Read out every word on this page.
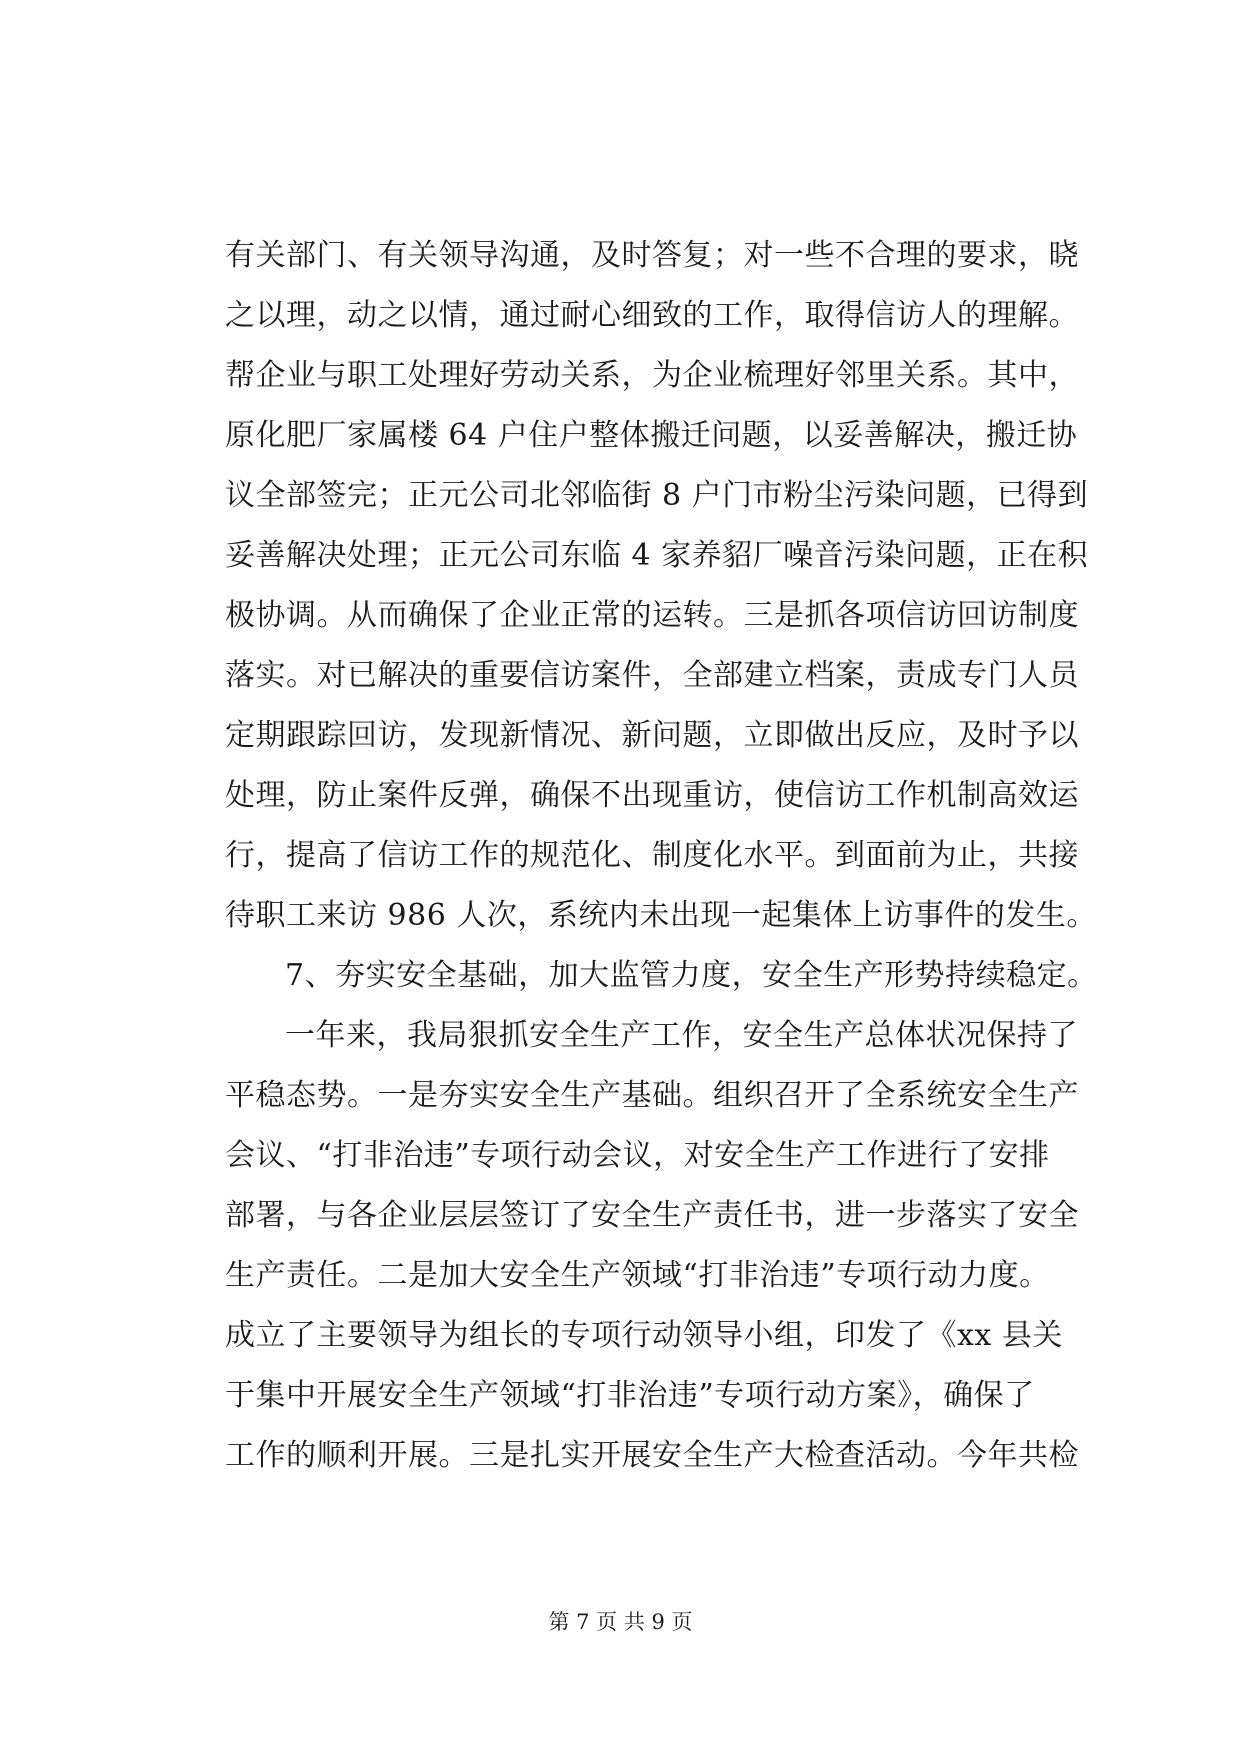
有关部门、有关领导沟通，及时答复；对一些不合理的要求，晓
之以理，动之以情，通过耐心细致的工作，取得信访人的理解。
帮企业与职工处理好劳动关系，为企业梳理好邻里关系。其中，
原化肥厂家属楼 64 户住户整体搬迁问题，以妥善解决，搬迁协
议全部签完；正元公司北邻临街 8 户门市粉尘污染问题，已得到
妥善解决处理；正元公司东临 4 家养貂厂噪音污染问题，正在积
极协调。从而确保了企业正常的运转。三是抓各项信访回访制度
落实。对已解决的重要信访案件，全部建立档案，责成专门人员
定期跟踪回访，发现新情况、新问题，立即做出反应，及时予以
处理，防止案件反弹，确保不出现重访，使信访工作机制高效运
行，提高了信访工作的规范化、制度化水平。到面前为止，共接
待职工来访 986 人次，系统内未出现一起集体上访事件的发生。
7、夯实安全基础，加大监管力度，安全生产形势持续稳定。
一年来，我局狠抓安全生产工作，安全生产总体状况保持了
平稳态势。一是夯实安全生产基础。组织召开了全系统安全生产
会议、“打非治违”专项行动会议，对安全生产工作进行了安排
部署，与各企业层层签订了安全生产责任书，进一步落实了安全
生产责任。二是加大安全生产领域“打非治违”专项行动力度。
成立了主要领导为组长的专项行动领导小组，印发了《xx 县关
于集中开展安全生产领域“打非治违”专项行动方案》，确保了
工作的顺利开展。三是扎实开展安全生产大检查活动。今年共检
第 7 页 共 9 页
